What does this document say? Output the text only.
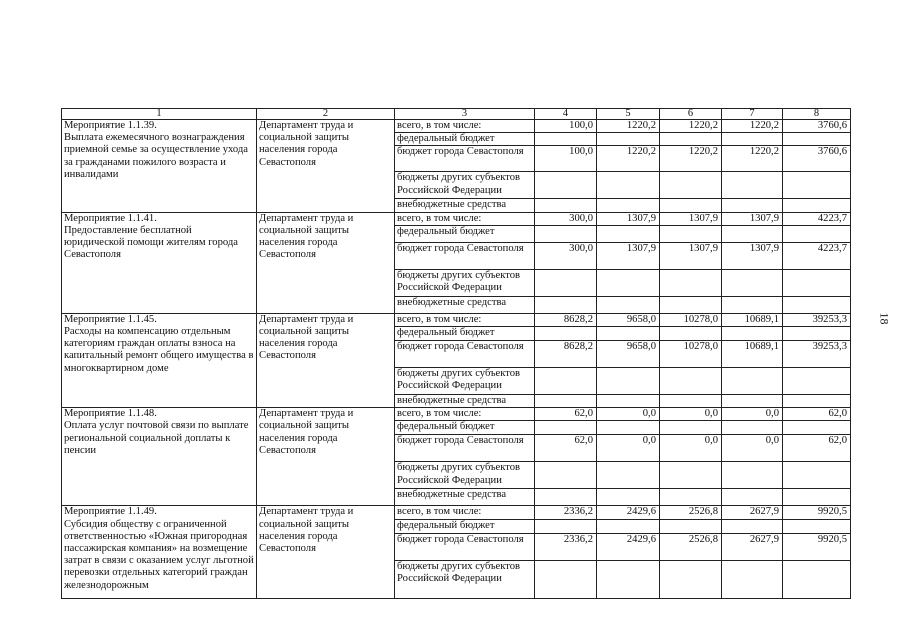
18
1	2	3	4	5	6	7	8

Мероприятие 1.1.39.
Выплата ежемесячного вознаграждения приемной семье за осуществление ухода за гражданами пожилого возраста и инвалидами	Департамент труда и социальной защиты населения города Севастополя	всего, в том числе:	100,0	1220,2	1220,2	1220,2	3760,6
		федеральный бюджет					
		бюджет города Севастополя	100,0	1220,2	1220,2	1220,2	3760,6
		бюджеты других субъектов Российской Федерации					
		внебюджетные средства					

Мероприятие 1.1.41.
Предоставление бесплатной юридической помощи жителям города Севастополя	Департамент труда и социальной защиты населения города Севастополя	всего, в том числе:	300,0	1307,9	1307,9	1307,9	4223,7
		федеральный бюджет					
		бюджет города Севастополя	300,0	1307,9	1307,9	1307,9	4223,7
		бюджеты других субъектов Российской Федерации					
		внебюджетные средства					

Мероприятие 1.1.45.
Расходы на компенсацию отдельным категориям граждан оплаты взноса на капитальный ремонт общего имущества в многоквартирном доме	Департамент труда и социальной защиты населения города Севастополя	всего, в том числе:	8628,2	9658,0	10278,0	10689,1	39253,3
		федеральный бюджет					
		бюджет города Севастополя	8628,2	9658,0	10278,0	10689,1	39253,3
		бюджеты других субъектов Российской Федерации					
		внебюджетные средства					

Мероприятие 1.1.48.
Оплата услуг почтовой связи по выплате региональной социальной доплаты к пенсии	Департамент труда и социальной защиты населения города Севастополя	всего, в том числе:	62,0	0,0	0,0	0,0	62,0
		федеральный бюджет					
		бюджет города Севастополя	62,0	0,0	0,0	0,0	62,0
		бюджеты других субъектов Российской Федерации					
		внебюджетные средства					

Мероприятие 1.1.49.
Субсидия обществу с ограниченной ответственностью «Южная пригородная пассажирская компания» на возмещение затрат в связи с оказанием услуг льготной перевозки отдельных категорий граждан железнодорожным	Департамент труда и социальной защиты населения города Севастополя	всего, в том числе:	2336,2	2429,6	2526,8	2627,9	9920,5
		федеральный бюджет					
		бюджет города Севастополя	2336,2	2429,6	2526,8	2627,9	9920,5
		бюджеты других субъектов Российской Федерации					
